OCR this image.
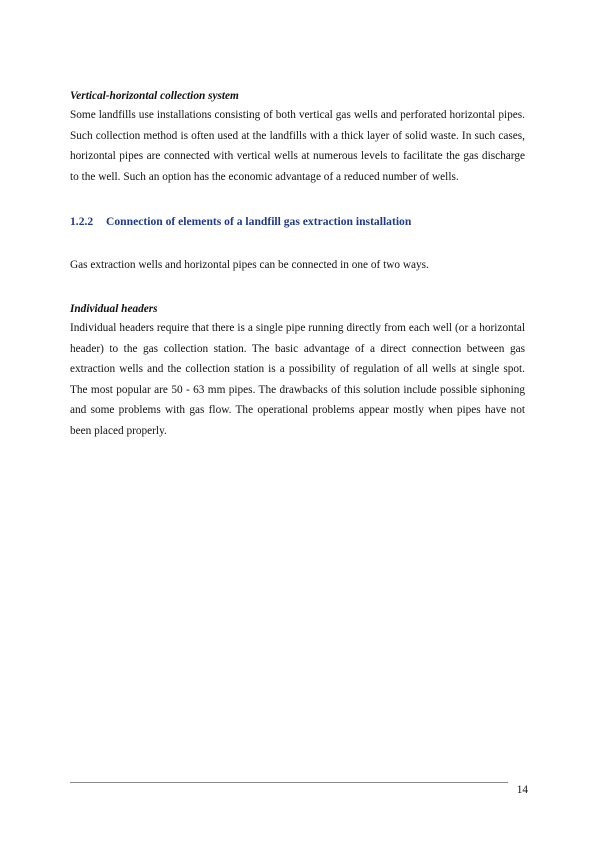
Vertical-horizontal collection system

Some landfills use installations consisting of both vertical gas wells and perforated horizontal pipes. Such collection method is often used at the landfills with a thick layer of solid waste. In such cases, horizontal pipes are connected with vertical wells at numerous levels to facilitate the gas discharge to the well. Such an option has the economic advantage of a reduced number of wells.

1.2.2	Connection of elements of a landfill gas extraction installation

Gas extraction wells and horizontal pipes can be connected in one of two ways.

Individual headers

Individual headers require that there is a single pipe running directly from each well (or a horizontal header) to the gas collection station. The basic advantage of a direct connection between gas extraction wells and the collection station is a possibility of regulation of all wells at single spot. The most popular are 50 - 63 mm pipes. The drawbacks of this solution include possible siphoning and some problems with gas flow. The operational problems appear mostly when pipes have not been placed properly.

14
